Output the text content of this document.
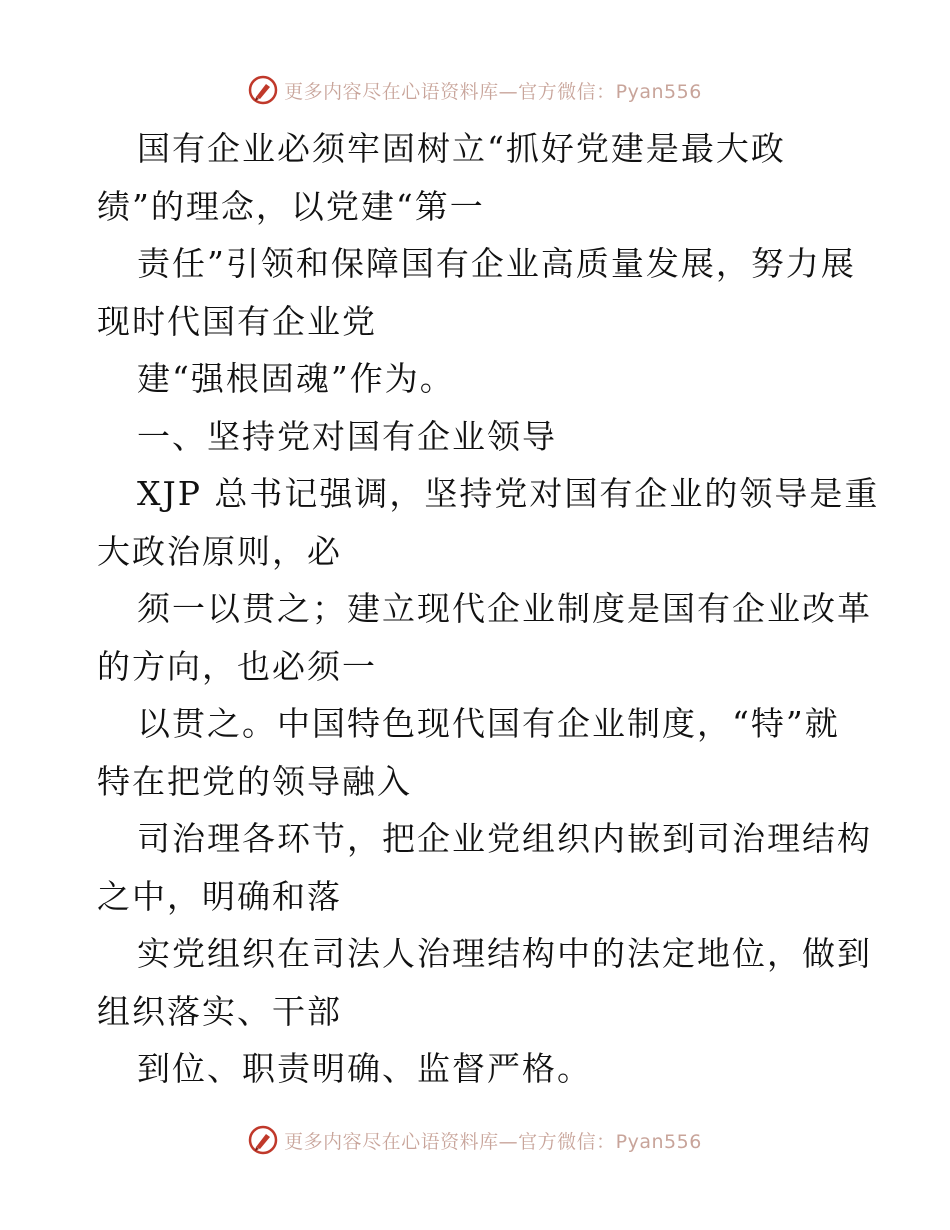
更多内容尽在心语资料库—官方微信：Pyan556
国有企业必须牢固树立“抓好党建是最大政
绩”的理念，以党建“第一
责任”引领和保障国有企业高质量发展，努力展
现时代国有企业党
建“强根固魂”作为。
一、坚持党对国有企业领导
XJP 总书记强调，坚持党对国有企业的领导是重
大政治原则，必
须一以贯之；建立现代企业制度是国有企业改革
的方向，也必须一
以贯之。中国特色现代国有企业制度，“特”就
特在把党的领导融入
司治理各环节，把企业党组织内嵌到司治理结构
之中，明确和落
实党组织在司法人治理结构中的法定地位，做到
组织落实、干部
到位、职责明确、监督严格。
更多内容尽在心语资料库—官方微信：Pyan556
